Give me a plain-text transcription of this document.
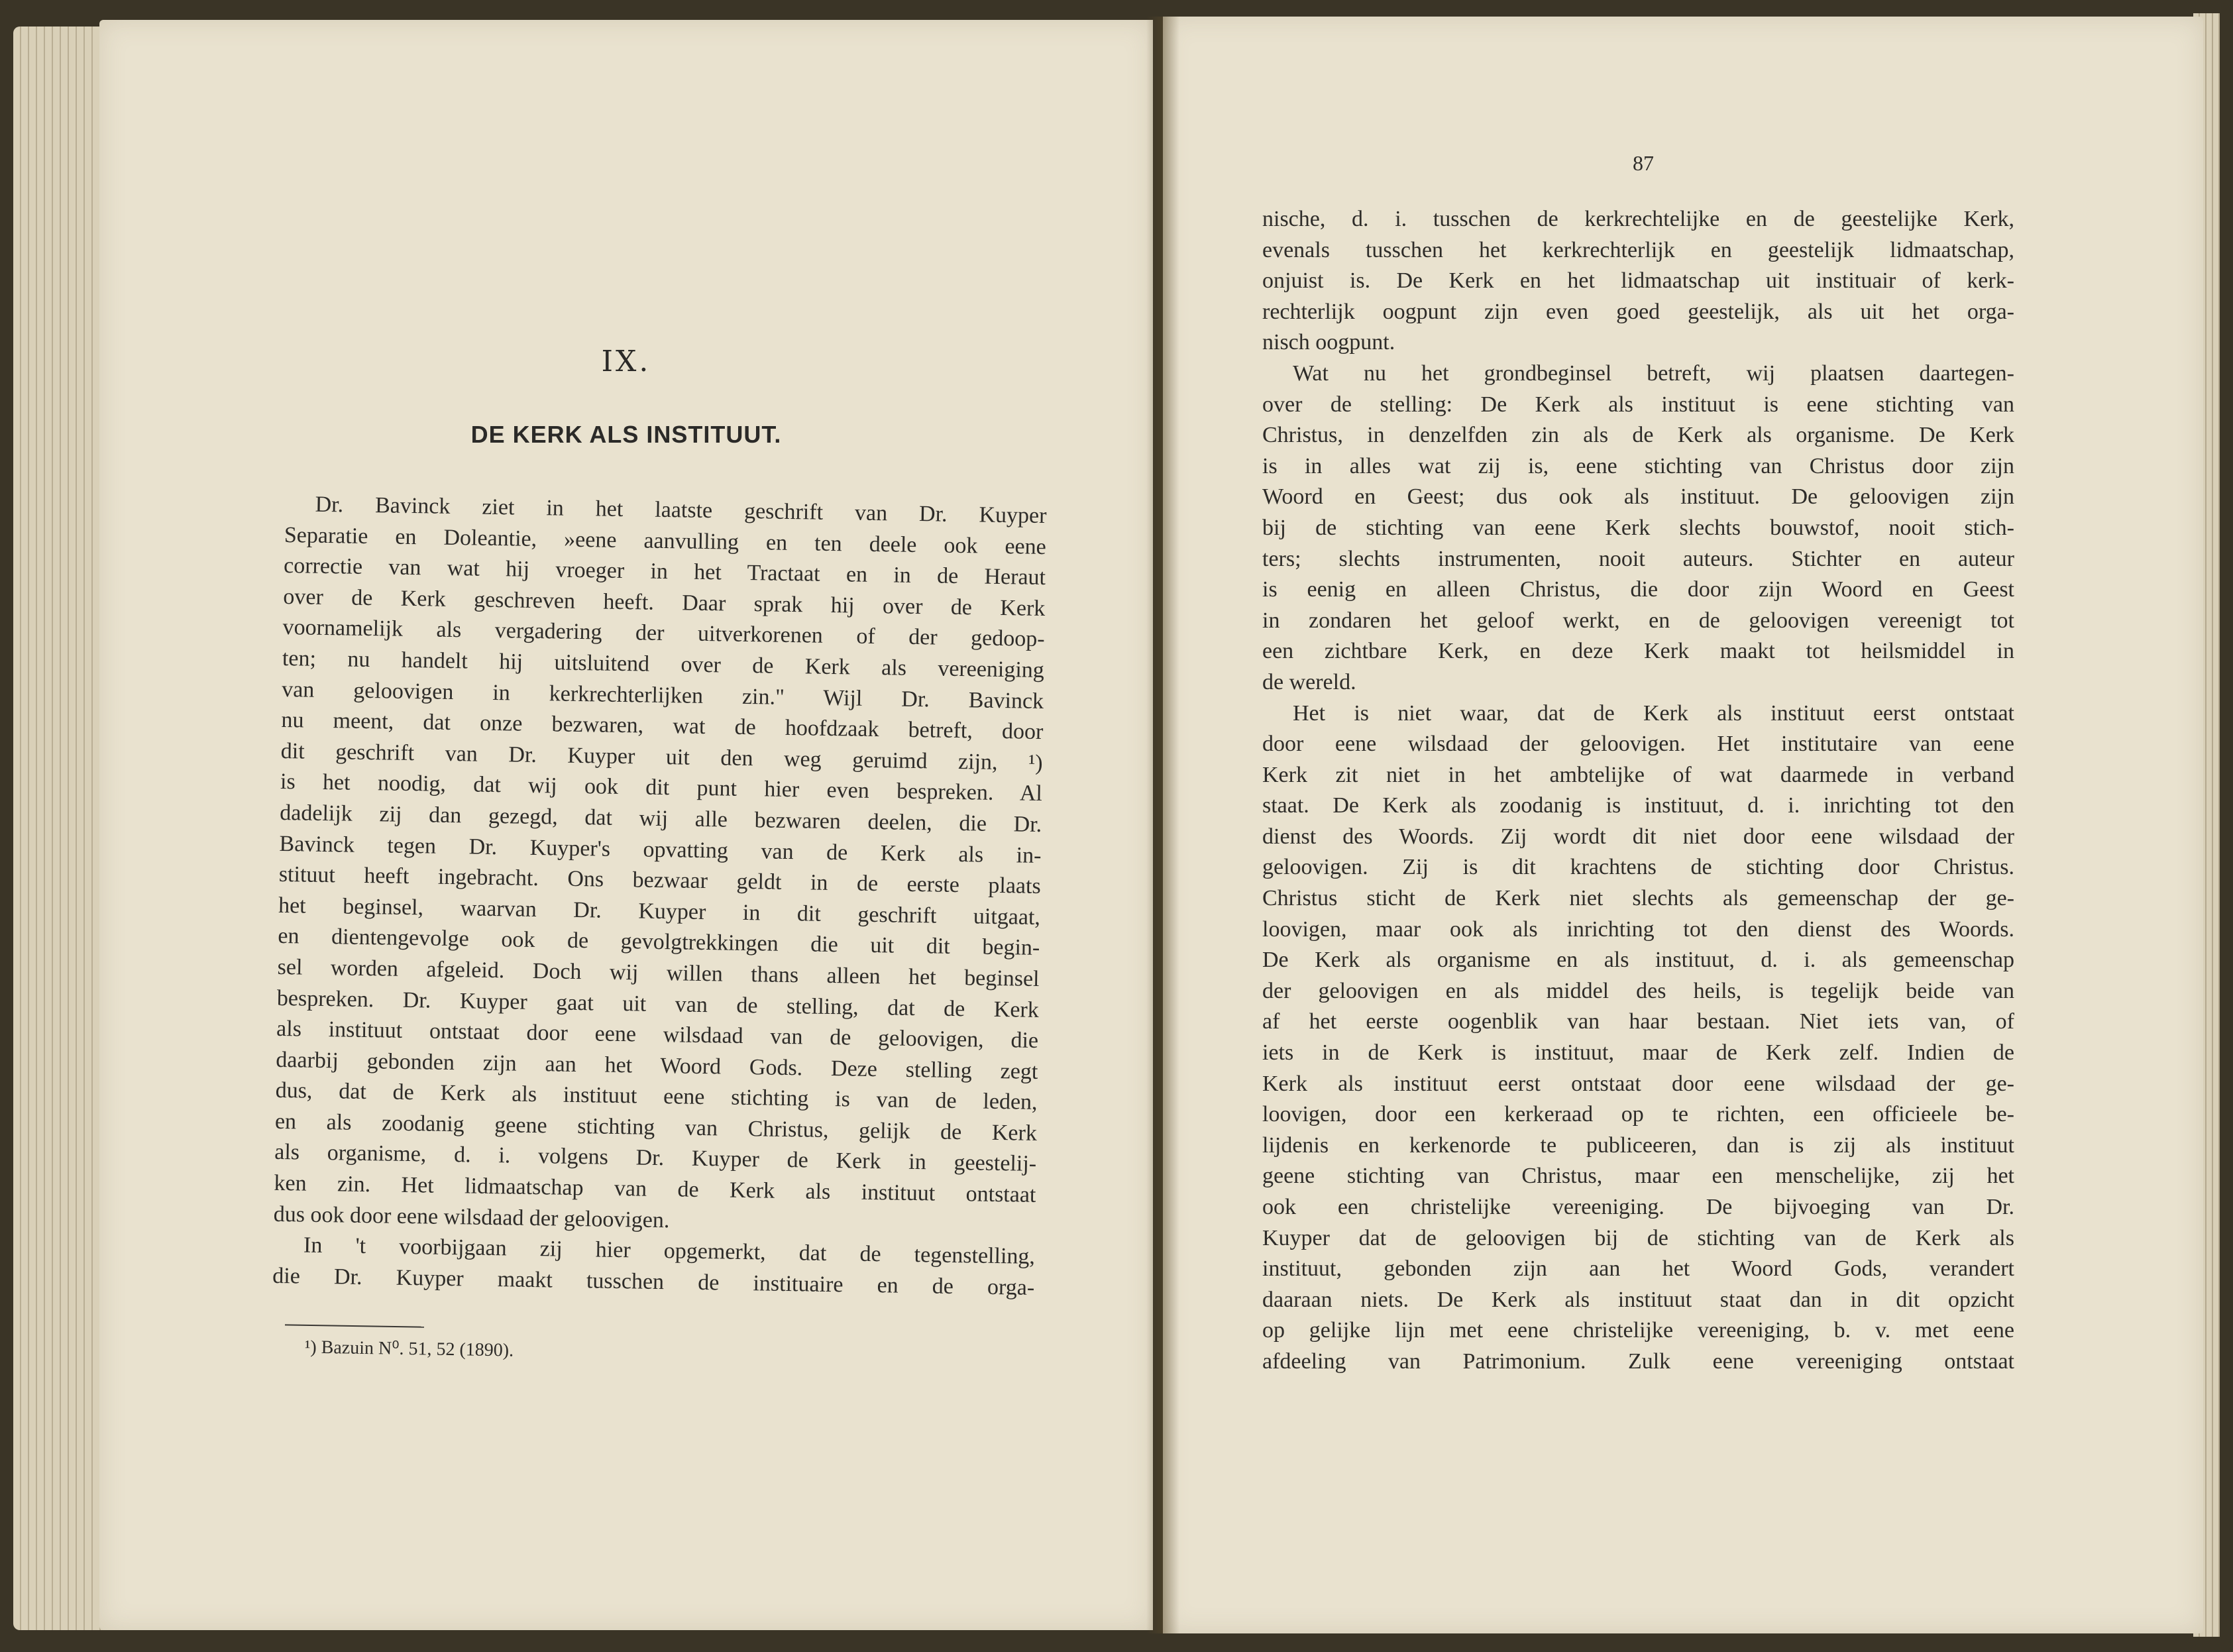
IX.
DE KERK ALS INSTITUUT.
Dr. Bavinck ziet in het laatste geschrift van Dr. Kuyper
Separatie en Doleantie, »eene aanvulling en ten deele ook eene
correctie van wat hij vroeger in het Tractaat en in de Heraut
over de Kerk geschreven heeft. Daar sprak hij over de Kerk
voornamelijk als vergadering der uitverkorenen of der gedoop-
ten; nu handelt hij uitsluitend over de Kerk als vereeniging
van geloovigen in kerkrechterlijken zin." Wijl Dr. Bavinck
nu meent, dat onze bezwaren, wat de hoofdzaak betreft, door
dit geschrift van Dr. Kuyper uit den weg geruimd zijn, ¹)
is het noodig, dat wij ook dit punt hier even bespreken. Al
dadelijk zij dan gezegd, dat wij alle bezwaren deelen, die Dr.
Bavinck tegen Dr. Kuyper's opvatting van de Kerk als in-
stituut heeft ingebracht. Ons bezwaar geldt in de eerste plaats
het beginsel, waarvan Dr. Kuyper in dit geschrift uitgaat,
en dientengevolge ook de gevolgtrekkingen die uit dit begin-
sel worden afgeleid. Doch wij willen thans alleen het beginsel
bespreken. Dr. Kuyper gaat uit van de stelling, dat de Kerk
als instituut ontstaat door eene wilsdaad van de geloovigen, die
daarbij gebonden zijn aan het Woord Gods. Deze stelling zegt
dus, dat de Kerk als instituut eene stichting is van de leden,
en als zoodanig geene stichting van Christus, gelijk de Kerk
als organisme, d. i. volgens Dr. Kuyper de Kerk in geestelij-
ken zin. Het lidmaatschap van de Kerk als instituut ontstaat
dus ook door eene wilsdaad der geloovigen.
In 't voorbijgaan zij hier opgemerkt, dat de tegenstelling,
die Dr. Kuyper maakt tusschen de instituaire en de orga-
¹) Bazuin N⁰. 51, 52 (1890).
87
nische, d. i. tusschen de kerkrechtelijke en de geestelijke Kerk,
evenals tusschen het kerkrechterlijk en geestelijk lidmaatschap,
onjuist is. De Kerk en het lidmaatschap uit instituair of kerk-
rechterlijk oogpunt zijn even goed geestelijk, als uit het orga-
nisch oogpunt.
Wat nu het grondbeginsel betreft, wij plaatsen daartegen-
over de stelling: De Kerk als instituut is eene stichting van
Christus, in denzelfden zin als de Kerk als organisme. De Kerk
is in alles wat zij is, eene stichting van Christus door zijn
Woord en Geest; dus ook als instituut. De geloovigen zijn
bij de stichting van eene Kerk slechts bouwstof, nooit stich-
ters; slechts instrumenten, nooit auteurs. Stichter en auteur
is eenig en alleen Christus, die door zijn Woord en Geest
in zondaren het geloof werkt, en de geloovigen vereenigt tot
een zichtbare Kerk, en deze Kerk maakt tot heilsmiddel in
de wereld.
Het is niet waar, dat de Kerk als instituut eerst ontstaat
door eene wilsdaad der geloovigen. Het institutaire van eene
Kerk zit niet in het ambtelijke of wat daarmede in verband
staat. De Kerk als zoodanig is instituut, d. i. inrichting tot den
dienst des Woords. Zij wordt dit niet door eene wilsdaad der
geloovigen. Zij is dit krachtens de stichting door Christus.
Christus sticht de Kerk niet slechts als gemeenschap der ge-
loovigen, maar ook als inrichting tot den dienst des Woords.
De Kerk als organisme en als instituut, d. i. als gemeenschap
der geloovigen en als middel des heils, is tegelijk beide van
af het eerste oogenblik van haar bestaan. Niet iets van, of
iets in de Kerk is instituut, maar de Kerk zelf. Indien de
Kerk als instituut eerst ontstaat door eene wilsdaad der ge-
loovigen, door een kerkeraad op te richten, een officieele be-
lijdenis en kerkenorde te publiceeren, dan is zij als instituut
geene stichting van Christus, maar een menschelijke, zij het
ook een christelijke vereeniging. De bijvoeging van Dr.
Kuyper dat de geloovigen bij de stichting van de Kerk als
instituut, gebonden zijn aan het Woord Gods, verandert
daaraan niets. De Kerk als instituut staat dan in dit opzicht
op gelijke lijn met eene christelijke vereeniging, b. v. met eene
afdeeling van Patrimonium. Zulk eene vereeniging ontstaat
